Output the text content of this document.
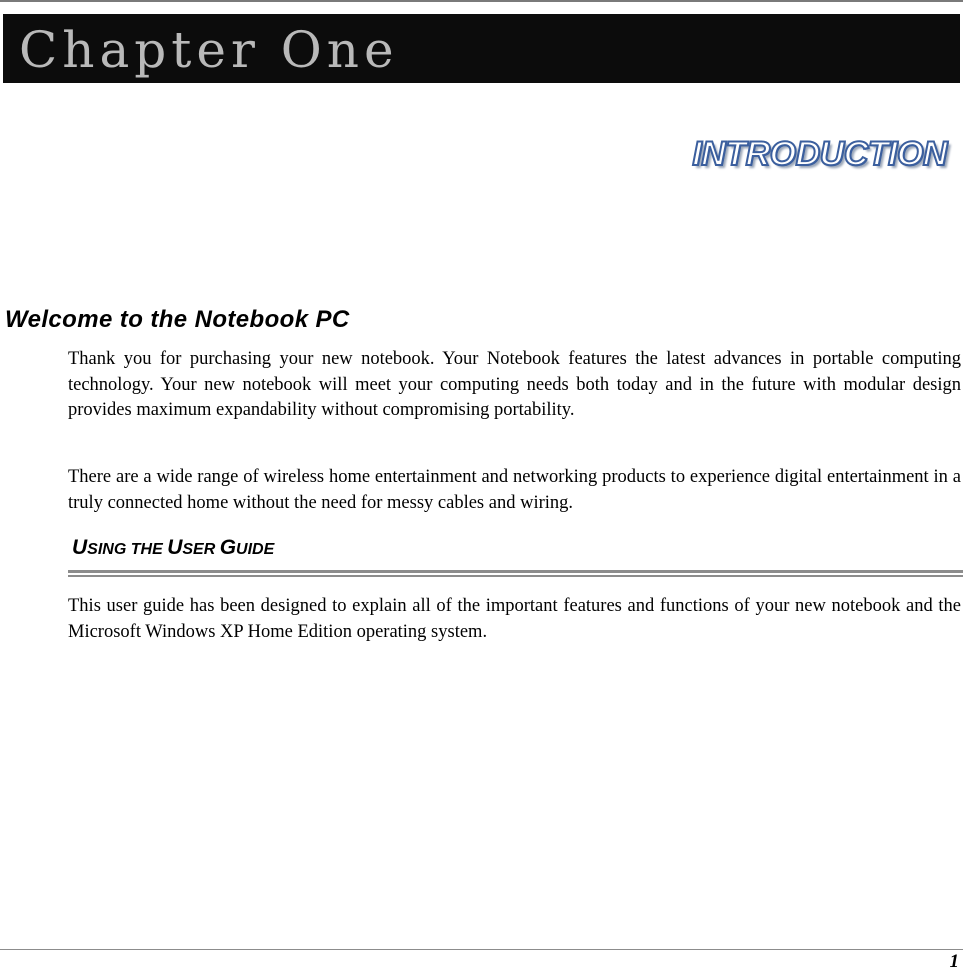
Chapter One
INTRODUCTION
Welcome to the Notebook PC

Thank you for purchasing your new notebook. Your Notebook features the latest advances in portable computing technology. Your new notebook will meet your computing needs both today and in the future with modular design provides maximum expandability without compromising portability.

There are a wide range of wireless home entertainment and networking products to experience digital entertainment in a truly connected home without the need for messy cables and wiring.

USING THE USER GUIDE

This user guide has been designed to explain all of the important features and functions of your new notebook and the Microsoft Windows XP Home Edition operating system.

1
